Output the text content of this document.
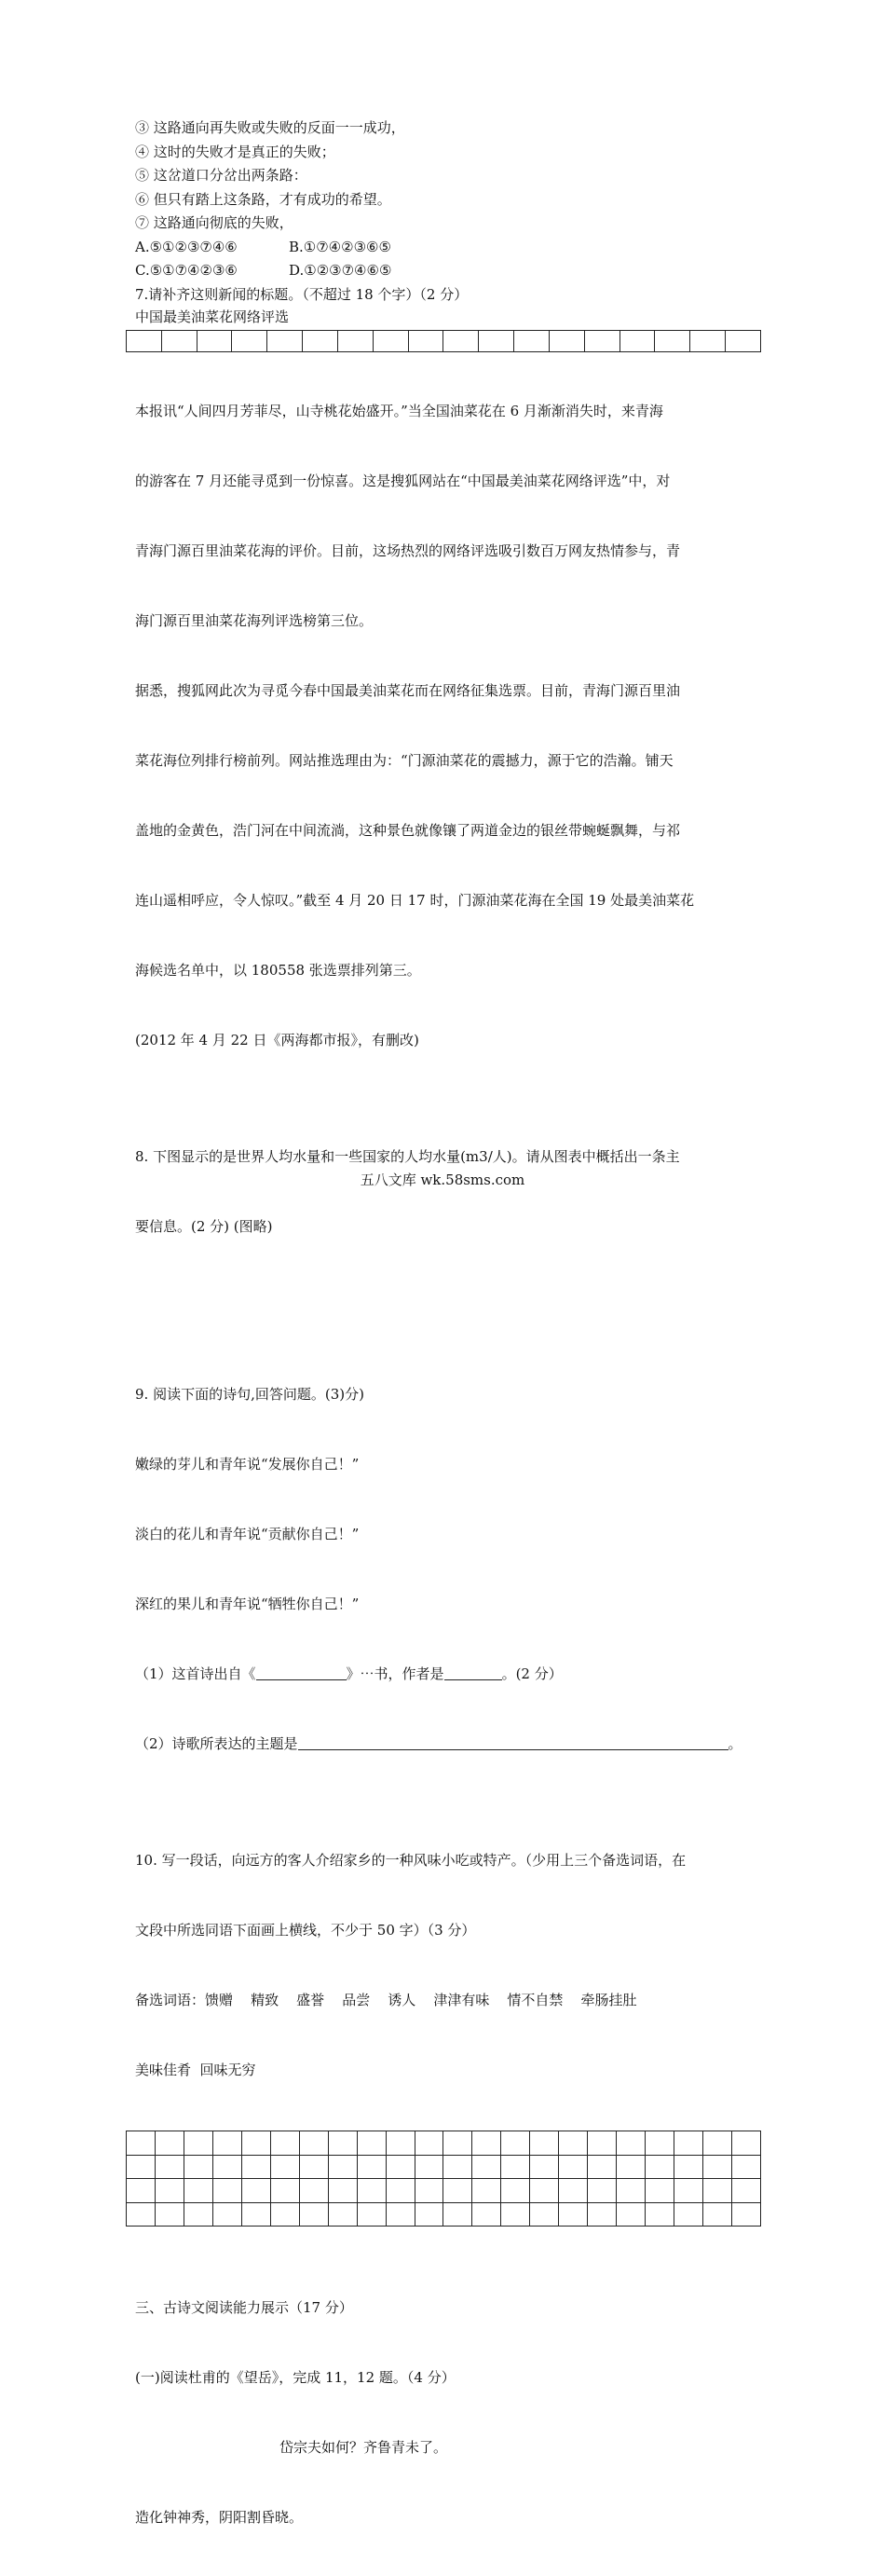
③ 这路通向再失败或失败的反面一一成功，
④ 这时的失败才是真正的失败；
⑤ 这岔道口分岔出两条路：
⑥ 但只有踏上这条路，才有成功的希望。
⑦ 这路通向彻底的失败，
A.⑤①②③⑦④⑥	B.①⑦④②③⑥⑤
C.⑤①⑦④②③⑥	D.①②③⑦④⑥⑤
7.请补齐这则新闻的标题。（不超过 18 个字）（2 分）
中国最美油菜花网络评选

本报讯“人间四月芳菲尽，山寺桃花始盛开。”当全国油菜花在 6 月渐渐消失时，来青海

的游客在 7 月还能寻觅到一份惊喜。这是搜狐网站在“中国最美油菜花网络评选”中，对

青海门源百里油菜花海的评价。目前，这场热烈的网络评选吸引数百万网友热情参与，青

海门源百里油菜花海列评选榜第三位。

据悉，搜狐网此次为寻觅今春中国最美油菜花而在网络征集选票。目前，青海门源百里油

菜花海位列排行榜前列。网站推选理由为：“门源油菜花的震撼力，源于它的浩瀚。铺天

盖地的金黄色，浩门河在中间流淌，这种景色就像镶了两道金边的银丝带蜿蜒飘舞，与祁

连山遥相呼应，令人惊叹。”截至 4 月 20 日 17 时，门源油菜花海在全国 19 处最美油菜花

海候选名单中，以 180558 张选票排列第三。

(2012 年 4 月 22 日《两海都市报》，有删改)

8. 下图显示的是世界人均水量和一些国家的人均水量(m3/人)。请从图表中概括出一条主

要信息。(2 分) (图略)

9. 阅读下面的诗句,回答问题。(3)分)

嫩绿的芽儿和青年说“发展你自己！”

淡白的花儿和青年说“贡献你自己！”

深红的果儿和青年说“牺牲你自己！”

（1）这首诗出自《	》⋯书，作者是	。(2 分）

（2）诗歌所表达的主题是	。

10. 写一段话，向远方的客人介绍家乡的一种风味小吃或特产。（少用上三个备选词语，在

文段中所选同语下面画上横线，不少于 50 字）（3 分）

备选词语：馈赠    精致    盛誉    品尝    诱人    津津有味    情不自禁    牵肠挂肚

美味佳肴  回味无穷

三、古诗文阅读能力展示（17 分）

(一)阅读杜甫的《望岳》，完成 11，12 题。（4 分）

岱宗夫如何？齐鲁青未了。

造化钟神秀，阴阳割昏晓。

五八文库 wk.58sms.com
